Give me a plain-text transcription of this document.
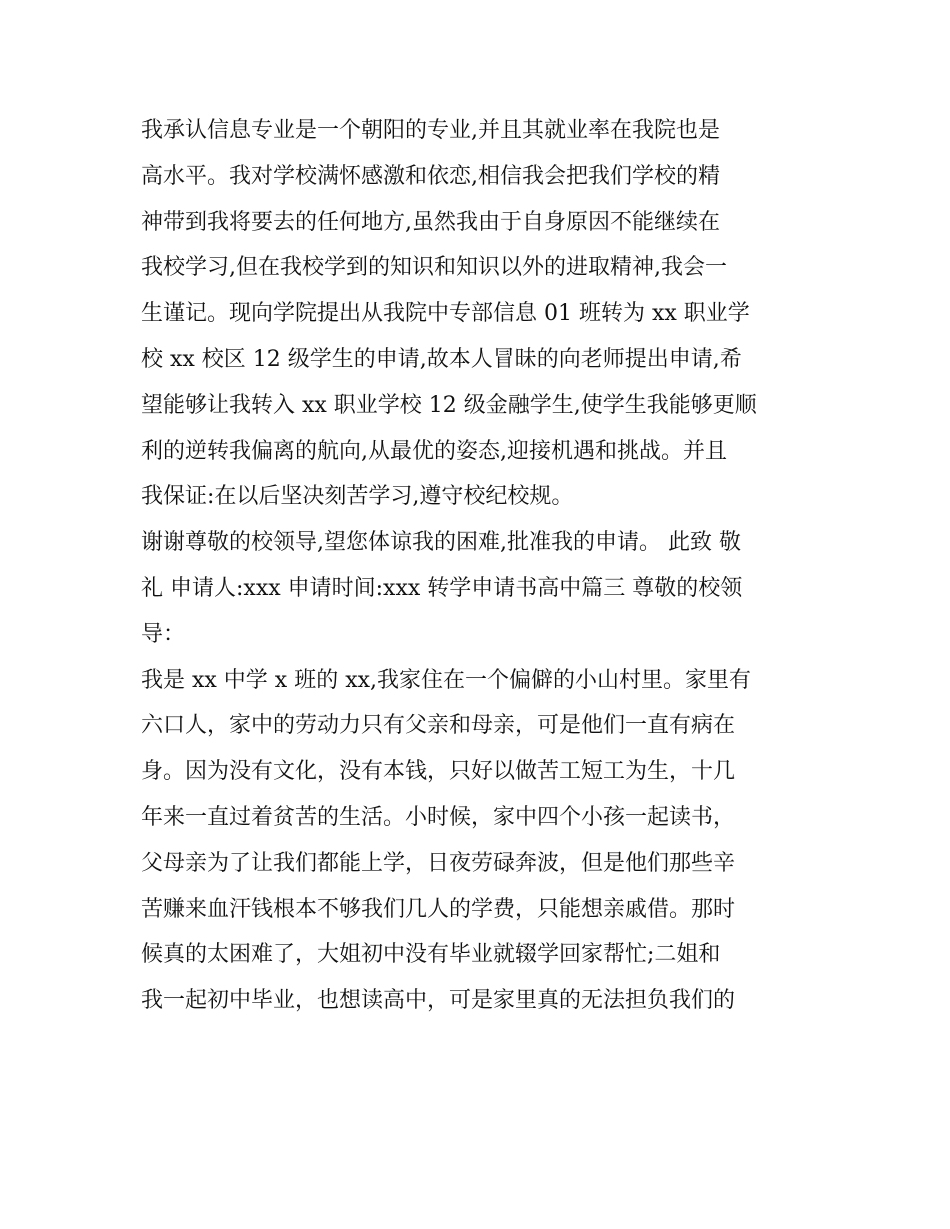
我承认信息专业是一个朝阳的专业,并且其就业率在我院也是
高水平。我对学校满怀感激和依恋,相信我会把我们学校的精
神带到我将要去的任何地方,虽然我由于自身原因不能继续在
我校学习,但在我校学到的知识和知识以外的进取精神,我会一
生谨记。现向学院提出从我院中专部信息 01 班转为 xx 职业学
校 xx 校区 12 级学生的申请,故本人冒昧的向老师提出申请,希
望能够让我转入 xx 职业学校 12 级金融学生,使学生我能够更顺
利的逆转我偏离的航向,从最优的姿态,迎接机遇和挑战。并且
我保证:在以后坚决刻苦学习,遵守校纪校规。
谢谢尊敬的校领导,望您体谅我的困难,批准我的申请。 此致 敬
礼 申请人:xxx 申请时间:xxx 转学申请书高中篇三 尊敬的校领
导：
我是 xx 中学 x 班的 xx,我家住在一个偏僻的小山村里。家里有
六口人，家中的劳动力只有父亲和母亲，可是他们一直有病在
身。因为没有文化，没有本钱，只好以做苦工短工为生，十几
年来一直过着贫苦的生活。小时候，家中四个小孩一起读书，
父母亲为了让我们都能上学，日夜劳碌奔波，但是他们那些辛
苦赚来血汗钱根本不够我们几人的学费，只能想亲戚借。那时
候真的太困难了，大姐初中没有毕业就辍学回家帮忙;二姐和
我一起初中毕业，也想读高中，可是家里真的无法担负我们的
